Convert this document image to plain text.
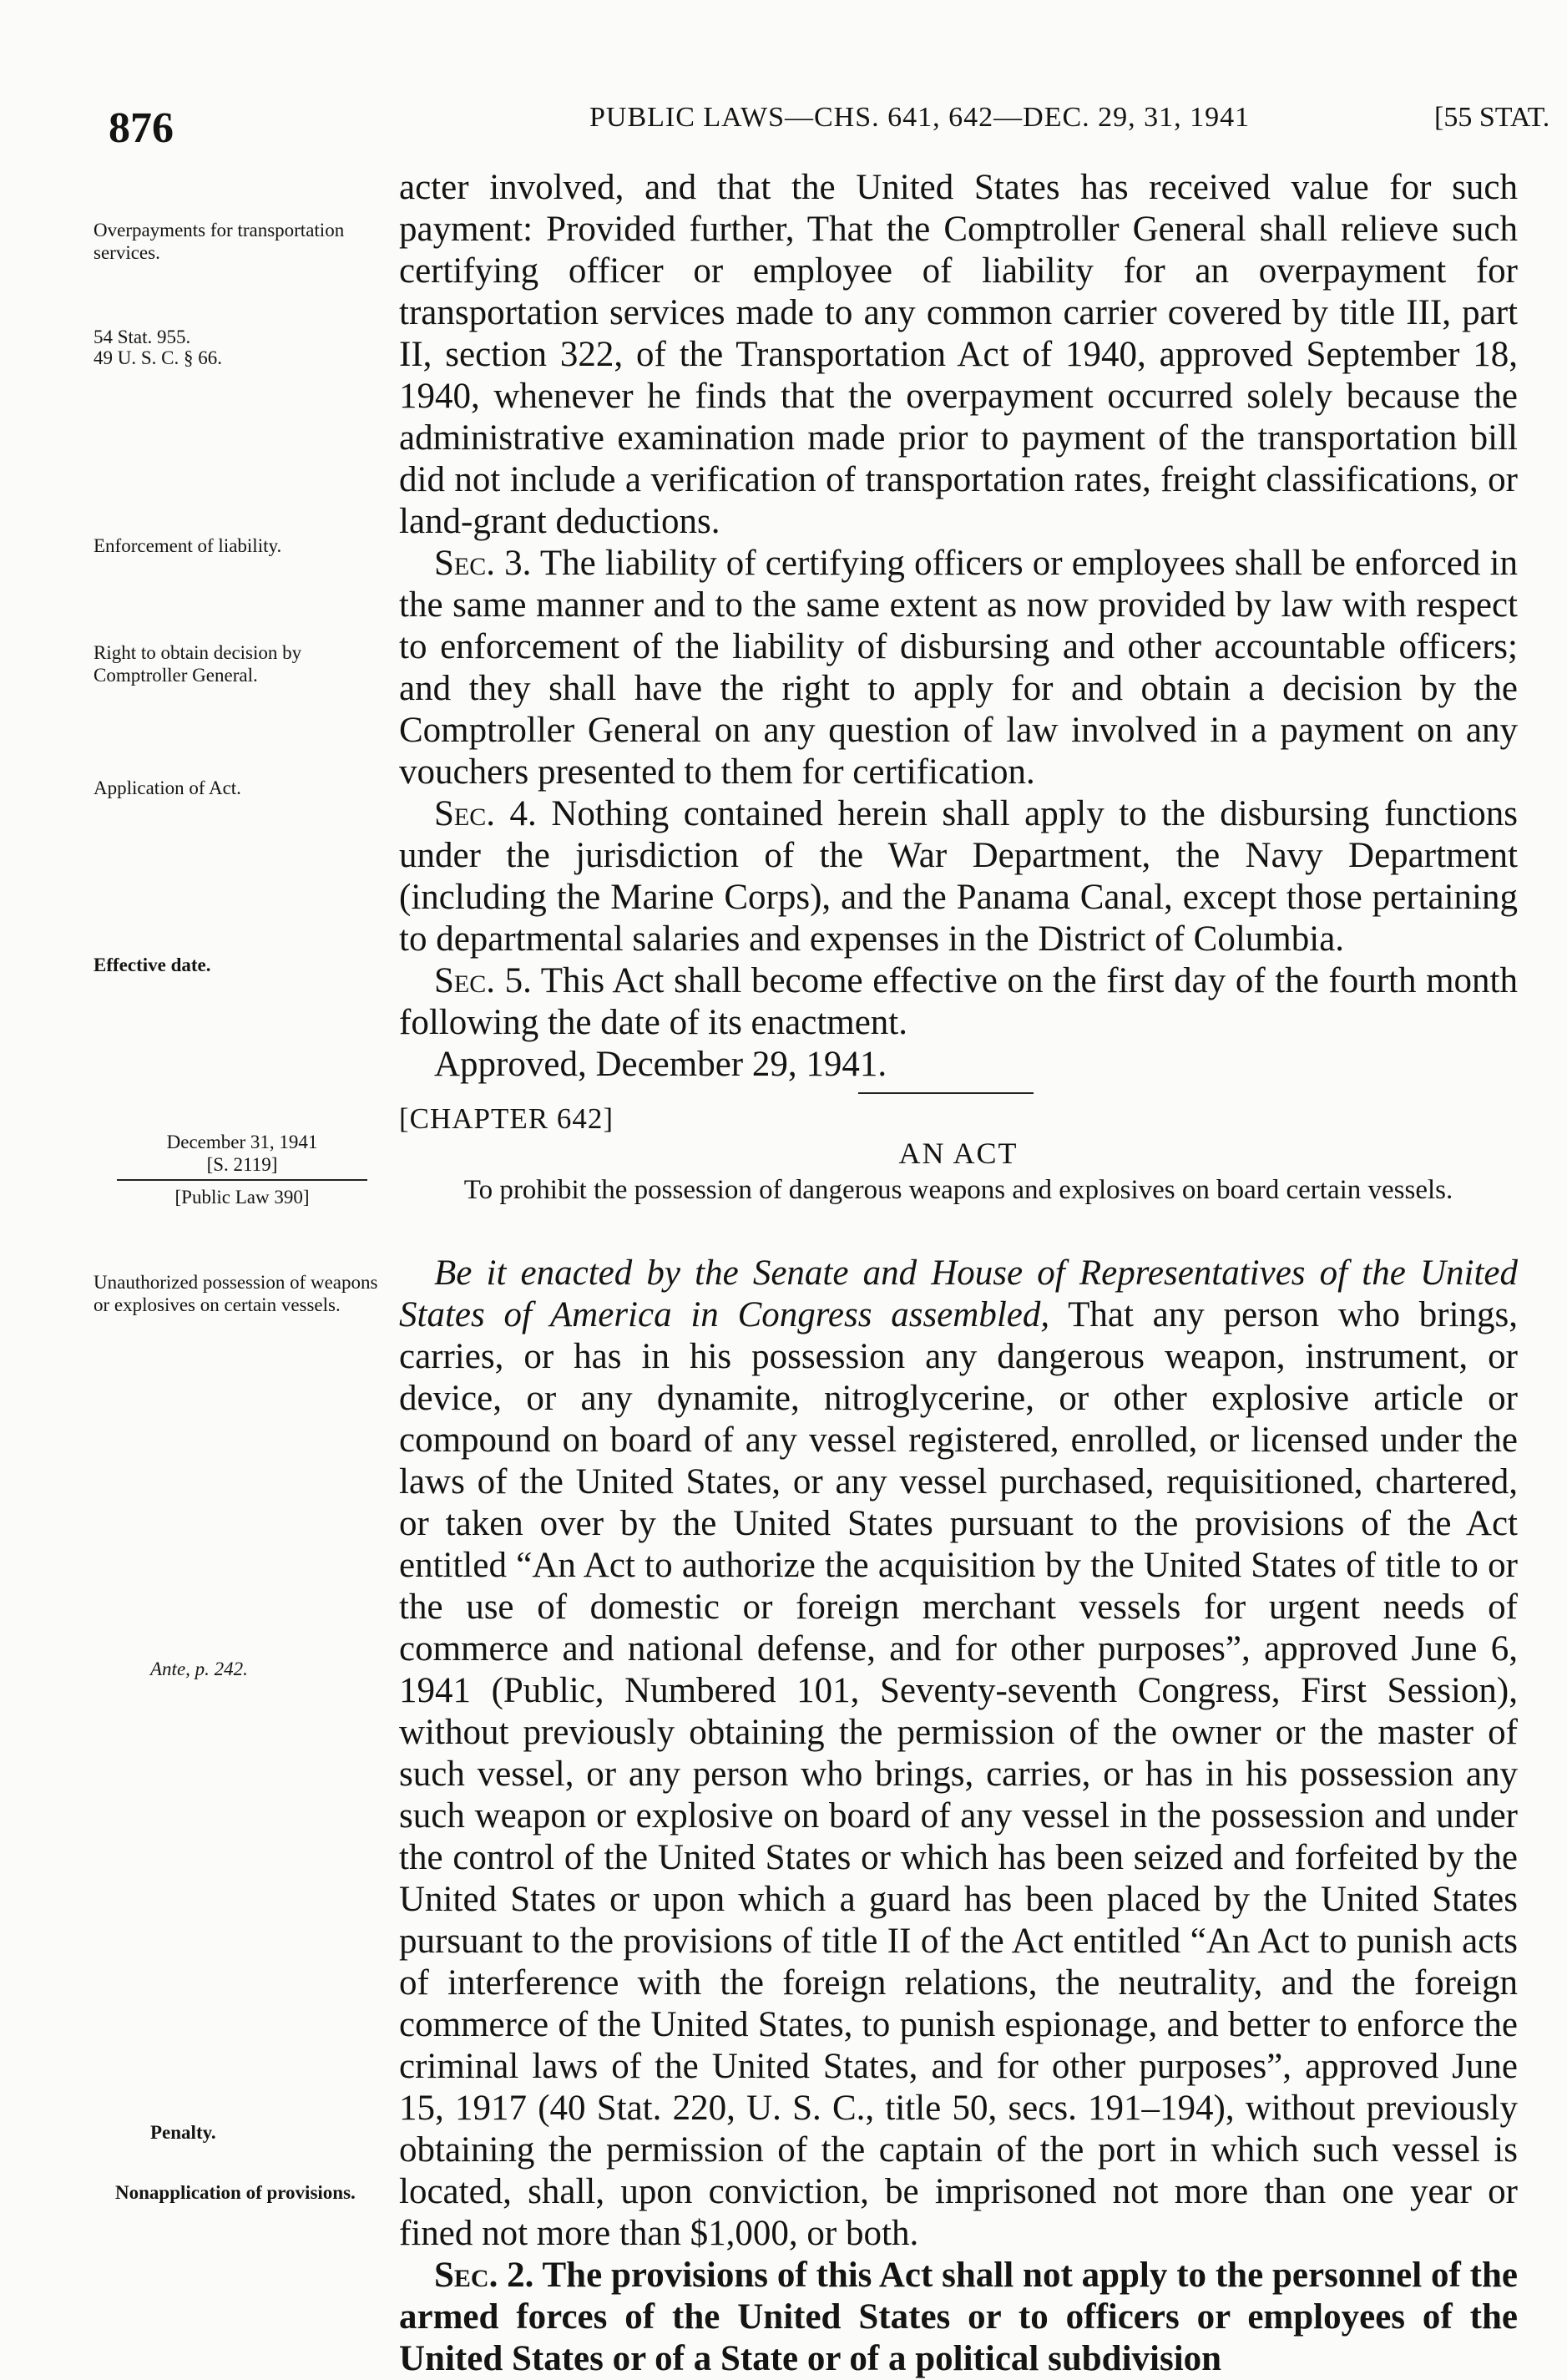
876	PUBLIC LAWS—CHS. 641, 642—DEC. 29, 31, 1941	[55 STAT.
Overpayments for transportation services.
54 Stat. 955.
49 U. S. C. § 66.
Enforcement of liability.
Right to obtain decision by Comptroller General.
Application of Act.
Effective date.
December 31, 1941
[S. 2119]
[Public Law 390]
Unauthorized possession of weapons or explosives on certain vessels.
Ante, p. 242.
Penalty.
Nonapplication of provisions.

acter involved, and that the United States has received value for such payment: Provided further, That the Comptroller General shall relieve such certifying officer or employee of liability for an overpayment for transportation services made to any common carrier covered by title III, part II, section 322, of the Transportation Act of 1940, approved September 18, 1940, whenever he finds that the overpayment occurred solely because the administrative examination made prior to payment of the transportation bill did not include a verification of transportation rates, freight classifications, or land-grant deductions.

Sec. 3. The liability of certifying officers or employees shall be enforced in the same manner and to the same extent as now provided by law with respect to enforcement of the liability of disbursing and other accountable officers; and they shall have the right to apply for and obtain a decision by the Comptroller General on any question of law involved in a payment on any vouchers presented to them for certification.

Sec. 4. Nothing contained herein shall apply to the disbursing functions under the jurisdiction of the War Department, the Navy Department (including the Marine Corps), and the Panama Canal, except those pertaining to departmental salaries and expenses in the District of Columbia.

Sec. 5. This Act shall become effective on the first day of the fourth month following the date of its enactment.

Approved, December 29, 1941.

[CHAPTER 642]
AN ACT
To prohibit the possession of dangerous weapons and explosives on board certain vessels.

Be it enacted by the Senate and House of Representatives of the United States of America in Congress assembled, That any person who brings, carries, or has in his possession any dangerous weapon, instrument, or device, or any dynamite, nitroglycerine, or other explosive article or compound on board of any vessel registered, enrolled, or licensed under the laws of the United States, or any vessel purchased, requisitioned, chartered, or taken over by the United States pursuant to the provisions of the Act entitled “An Act to authorize the acquisition by the United States of title to or the use of domestic or foreign merchant vessels for urgent needs of commerce and national defense, and for other purposes”, approved June 6, 1941 (Public, Numbered 101, Seventy-seventh Congress, First Session), without previously obtaining the permission of the owner or the master of such vessel, or any person who brings, carries, or has in his possession any such weapon or explosive on board of any vessel in the possession and under the control of the United States or which has been seized and forfeited by the United States or upon which a guard has been placed by the United States pursuant to the provisions of title II of the Act entitled “An Act to punish acts of interference with the foreign relations, the neutrality, and the foreign commerce of the United States, to punish espionage, and better to enforce the criminal laws of the United States, and for other purposes”, approved June 15, 1917 (40 Stat. 220, U. S. C., title 50, secs. 191–194), without previously obtaining the permission of the captain of the port in which such vessel is located, shall, upon conviction, be imprisoned not more than one year or fined not more than $1,000, or both.

Sec. 2. The provisions of this Act shall not apply to the personnel of the armed forces of the United States or to officers or employees of the United States or of a State or of a political subdivision
